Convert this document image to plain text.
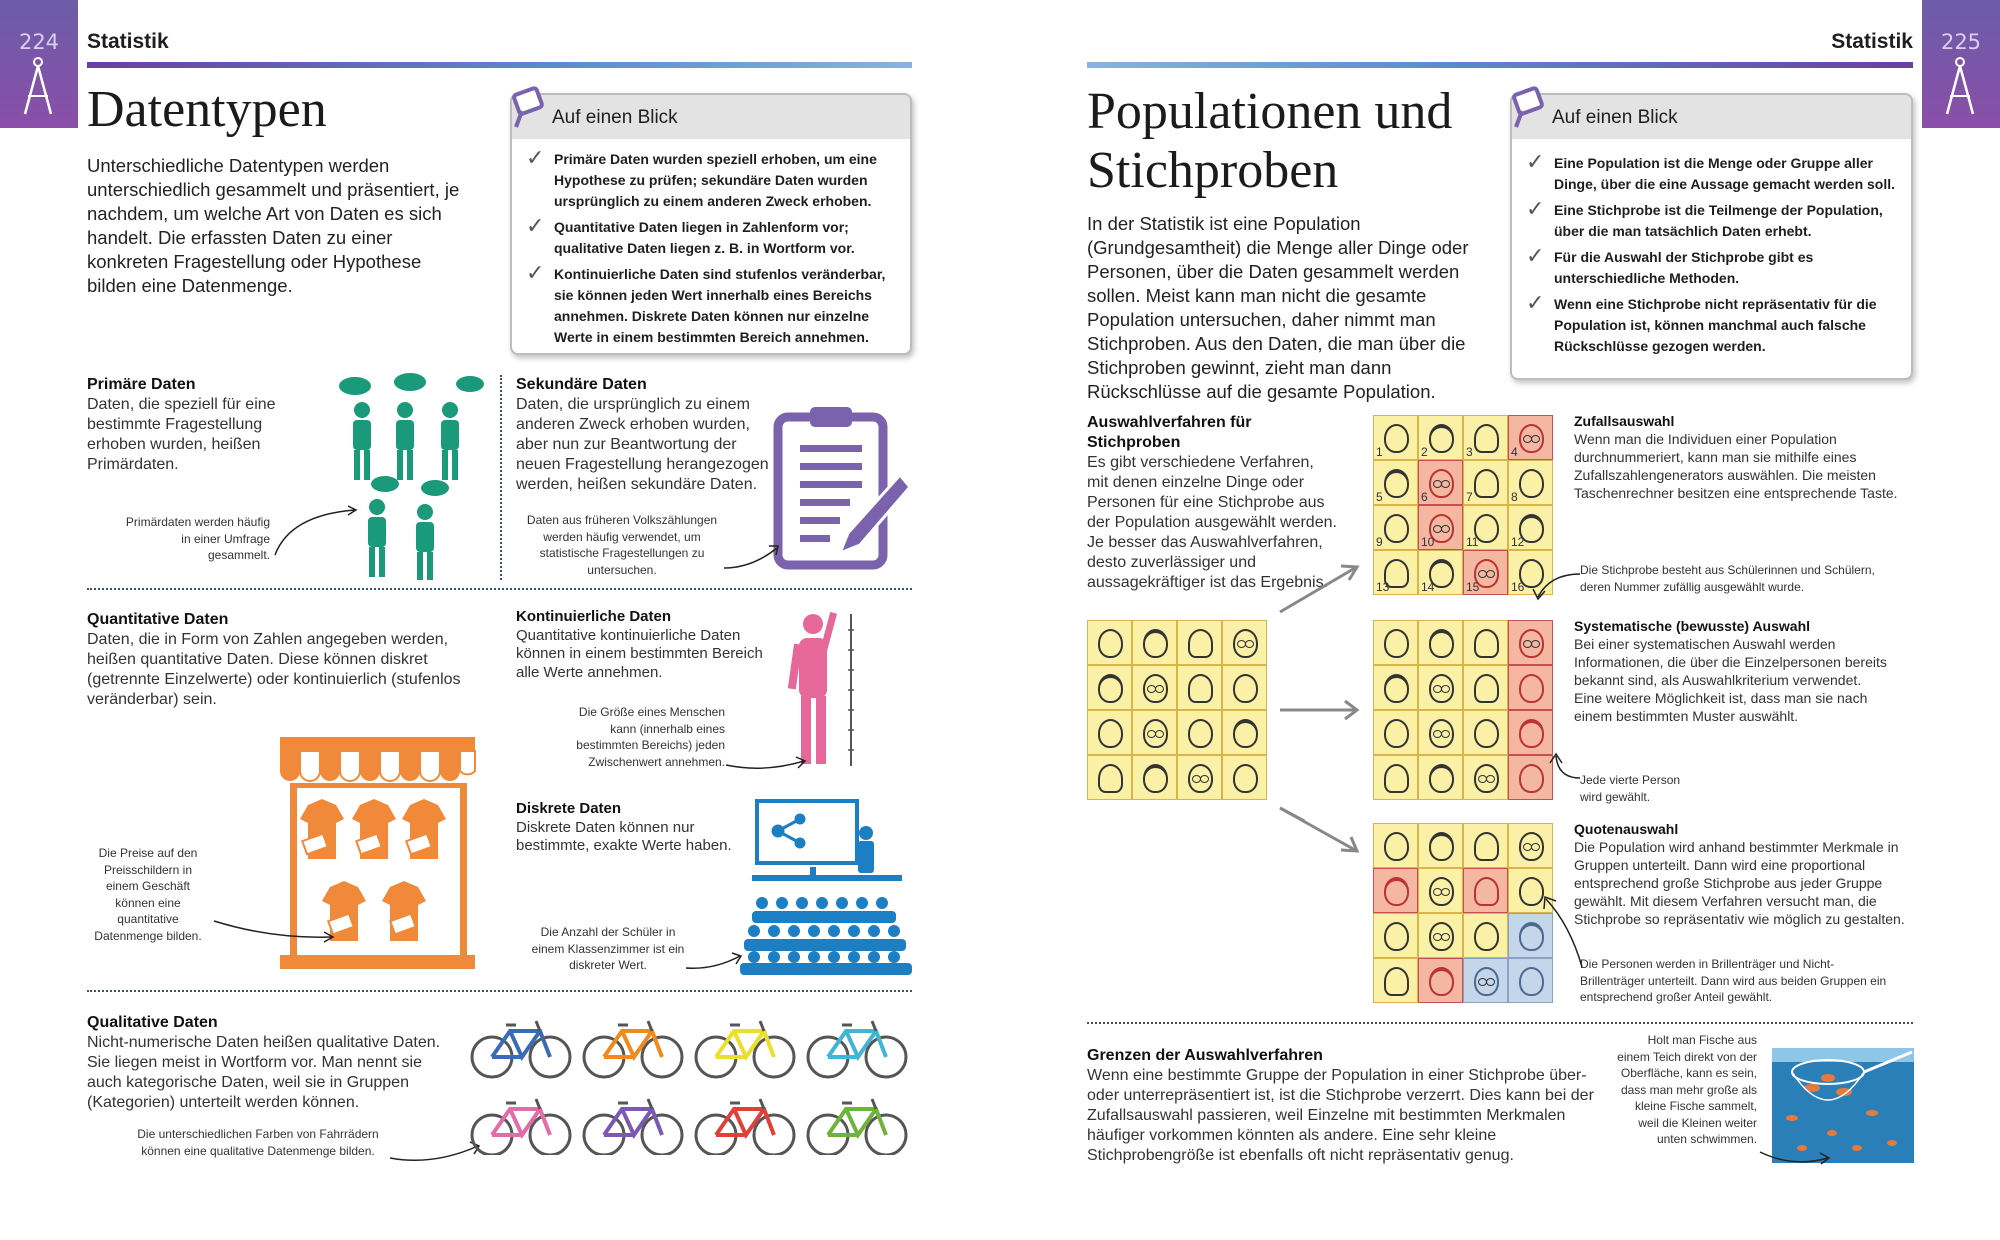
224	Statistik
Datentypen
Unterschiedliche Datentypen werden unterschiedlich gesammelt und präsentiert, je nachdem, um welche Art von Daten es sich handelt. Die erfassten Daten zu einer konkreten Fragestellung oder Hypothese bilden eine Datenmenge.
Auf einen Blick
✓ Primäre Daten wurden speziell erhoben, um eine Hypothese zu prüfen; sekundäre Daten wurden ursprünglich zu einem anderen Zweck erhoben.
✓ Quantitative Daten liegen in Zahlenform vor; qualitative Daten liegen z. B. in Wortform vor.
✓ Kontinuierliche Daten sind stufenlos veränderbar, sie können jeden Wert innerhalb eines Bereichs annehmen. Diskrete Daten können nur einzelne Werte in einem bestimmten Bereich annehmen.
Primäre Daten
Daten, die speziell für eine bestimmte Fragestellung erhoben wurden, heißen Primärdaten.
Primärdaten werden häufig in einer Umfrage gesammelt.
Sekundäre Daten
Daten, die ursprünglich zu einem anderen Zweck erhoben wurden, aber nun zur Beantwortung der neuen Fragestellung herangezogen werden, heißen sekundäre Daten.
Daten aus früheren Volkszählungen werden häufig verwendet, um statistische Fragestellungen zu untersuchen.
Quantitative Daten
Daten, die in Form von Zahlen angegeben werden, heißen quantitative Daten. Diese können diskret (getrennte Einzelwerte) oder kontinuierlich (stufenlos veränderbar) sein.
Die Preise auf den Preisschildern in einem Geschäft können eine quantitative Datenmenge bilden.
Kontinuierliche Daten
Quantitative kontinuierliche Daten können in einem bestimmten Bereich alle Werte annehmen.
Die Größe eines Menschen kann (innerhalb eines bestimmten Bereichs) jeden Zwischenwert annehmen.
Diskrete Daten
Diskrete Daten können nur bestimmte, exakte Werte haben.
Die Anzahl der Schüler in einem Klassenzimmer ist ein diskreter Wert.
Qualitative Daten
Nicht-numerische Daten heißen qualitative Daten. Sie liegen meist in Wortform vor. Man nennt sie auch kategorische Daten, weil sie in Gruppen (Kategorien) unterteilt werden können.
Die unterschiedlichen Farben von Fahrrädern können eine qualitative Datenmenge bilden.
225
Statistik
Populationen und
Stichproben
In der Statistik ist eine Population (Grundgesamtheit) die Menge aller Dinge oder Personen, über die Daten gesammelt werden sollen. Meist kann man nicht die gesamte Population untersuchen, daher nimmt man Stichproben. Aus den Daten, die man über die Stichproben gewinnt, zieht man dann Rückschlüsse auf die gesamte Population.
Auf einen Blick
✓ Eine Population ist die Menge oder Gruppe aller Dinge, über die eine Aussage gemacht werden soll.
✓ Eine Stichprobe ist die Teilmenge der Population, über die man tatsächlich Daten erhebt.
✓ Für die Auswahl der Stichprobe gibt es unterschiedliche Methoden.
✓ Wenn eine Stichprobe nicht repräsentativ für die Population ist, können manchmal auch falsche Rückschlüsse gezogen werden.
Auswahlverfahren für Stichproben
Es gibt verschiedene Verfahren, mit denen einzelne Dinge oder Personen für eine Stichprobe aus der Population ausgewählt werden. Je besser das Auswahlverfahren, desto zuverlässiger und aussagekräftiger ist das Ergebnis.
1	2	3	4
5	6	7	8
9	10	11	12
13	14	15	16
Zufallsauswahl
Wenn man die Individuen einer Population durchnummeriert, kann man sie mithilfe eines Zufallszahlengenerators auswählen. Die meisten Taschenrechner besitzen eine entsprechende Taste.
Die Stichprobe besteht aus Schülerinnen und Schülern, deren Nummer zufällig ausgewählt wurde.
Systematische (bewusste) Auswahl
Bei einer systematischen Auswahl werden Informationen, die über die Einzelpersonen bereits bekannt sind, als Auswahlkriterium verwendet. Eine weitere Möglichkeit ist, dass man sie nach einem bestimmten Muster auswählt.
Jede vierte Person wird gewählt.
Quotenauswahl
Die Population wird anhand bestimmter Merkmale in Gruppen unterteilt. Dann wird eine proportional entsprechend große Stichprobe aus jeder Gruppe gewählt. Mit diesem Verfahren versucht man, die Stichprobe so repräsentativ wie möglich zu gestalten.
Die Personen werden in Brillenträger und Nicht-Brillenträger unterteilt. Dann wird aus beiden Gruppen ein entsprechend großer Anteil gewählt.
Grenzen der Auswahlverfahren
Wenn eine bestimmte Gruppe der Population in einer Stichprobe über- oder unterrepräsentiert ist, ist die Stichprobe verzerrt. Dies kann bei der Zufallsauswahl passieren, weil Einzelne mit bestimmten Merkmalen häufiger vorkommen könnten als andere. Eine sehr kleine Stichprobengröße ist ebenfalls oft nicht repräsentativ genug.
Holt man Fische aus einem Teich direkt von der Oberfläche, kann es sein, dass man mehr große als kleine Fische sammelt, weil die Kleinen weiter unten schwimmen.
